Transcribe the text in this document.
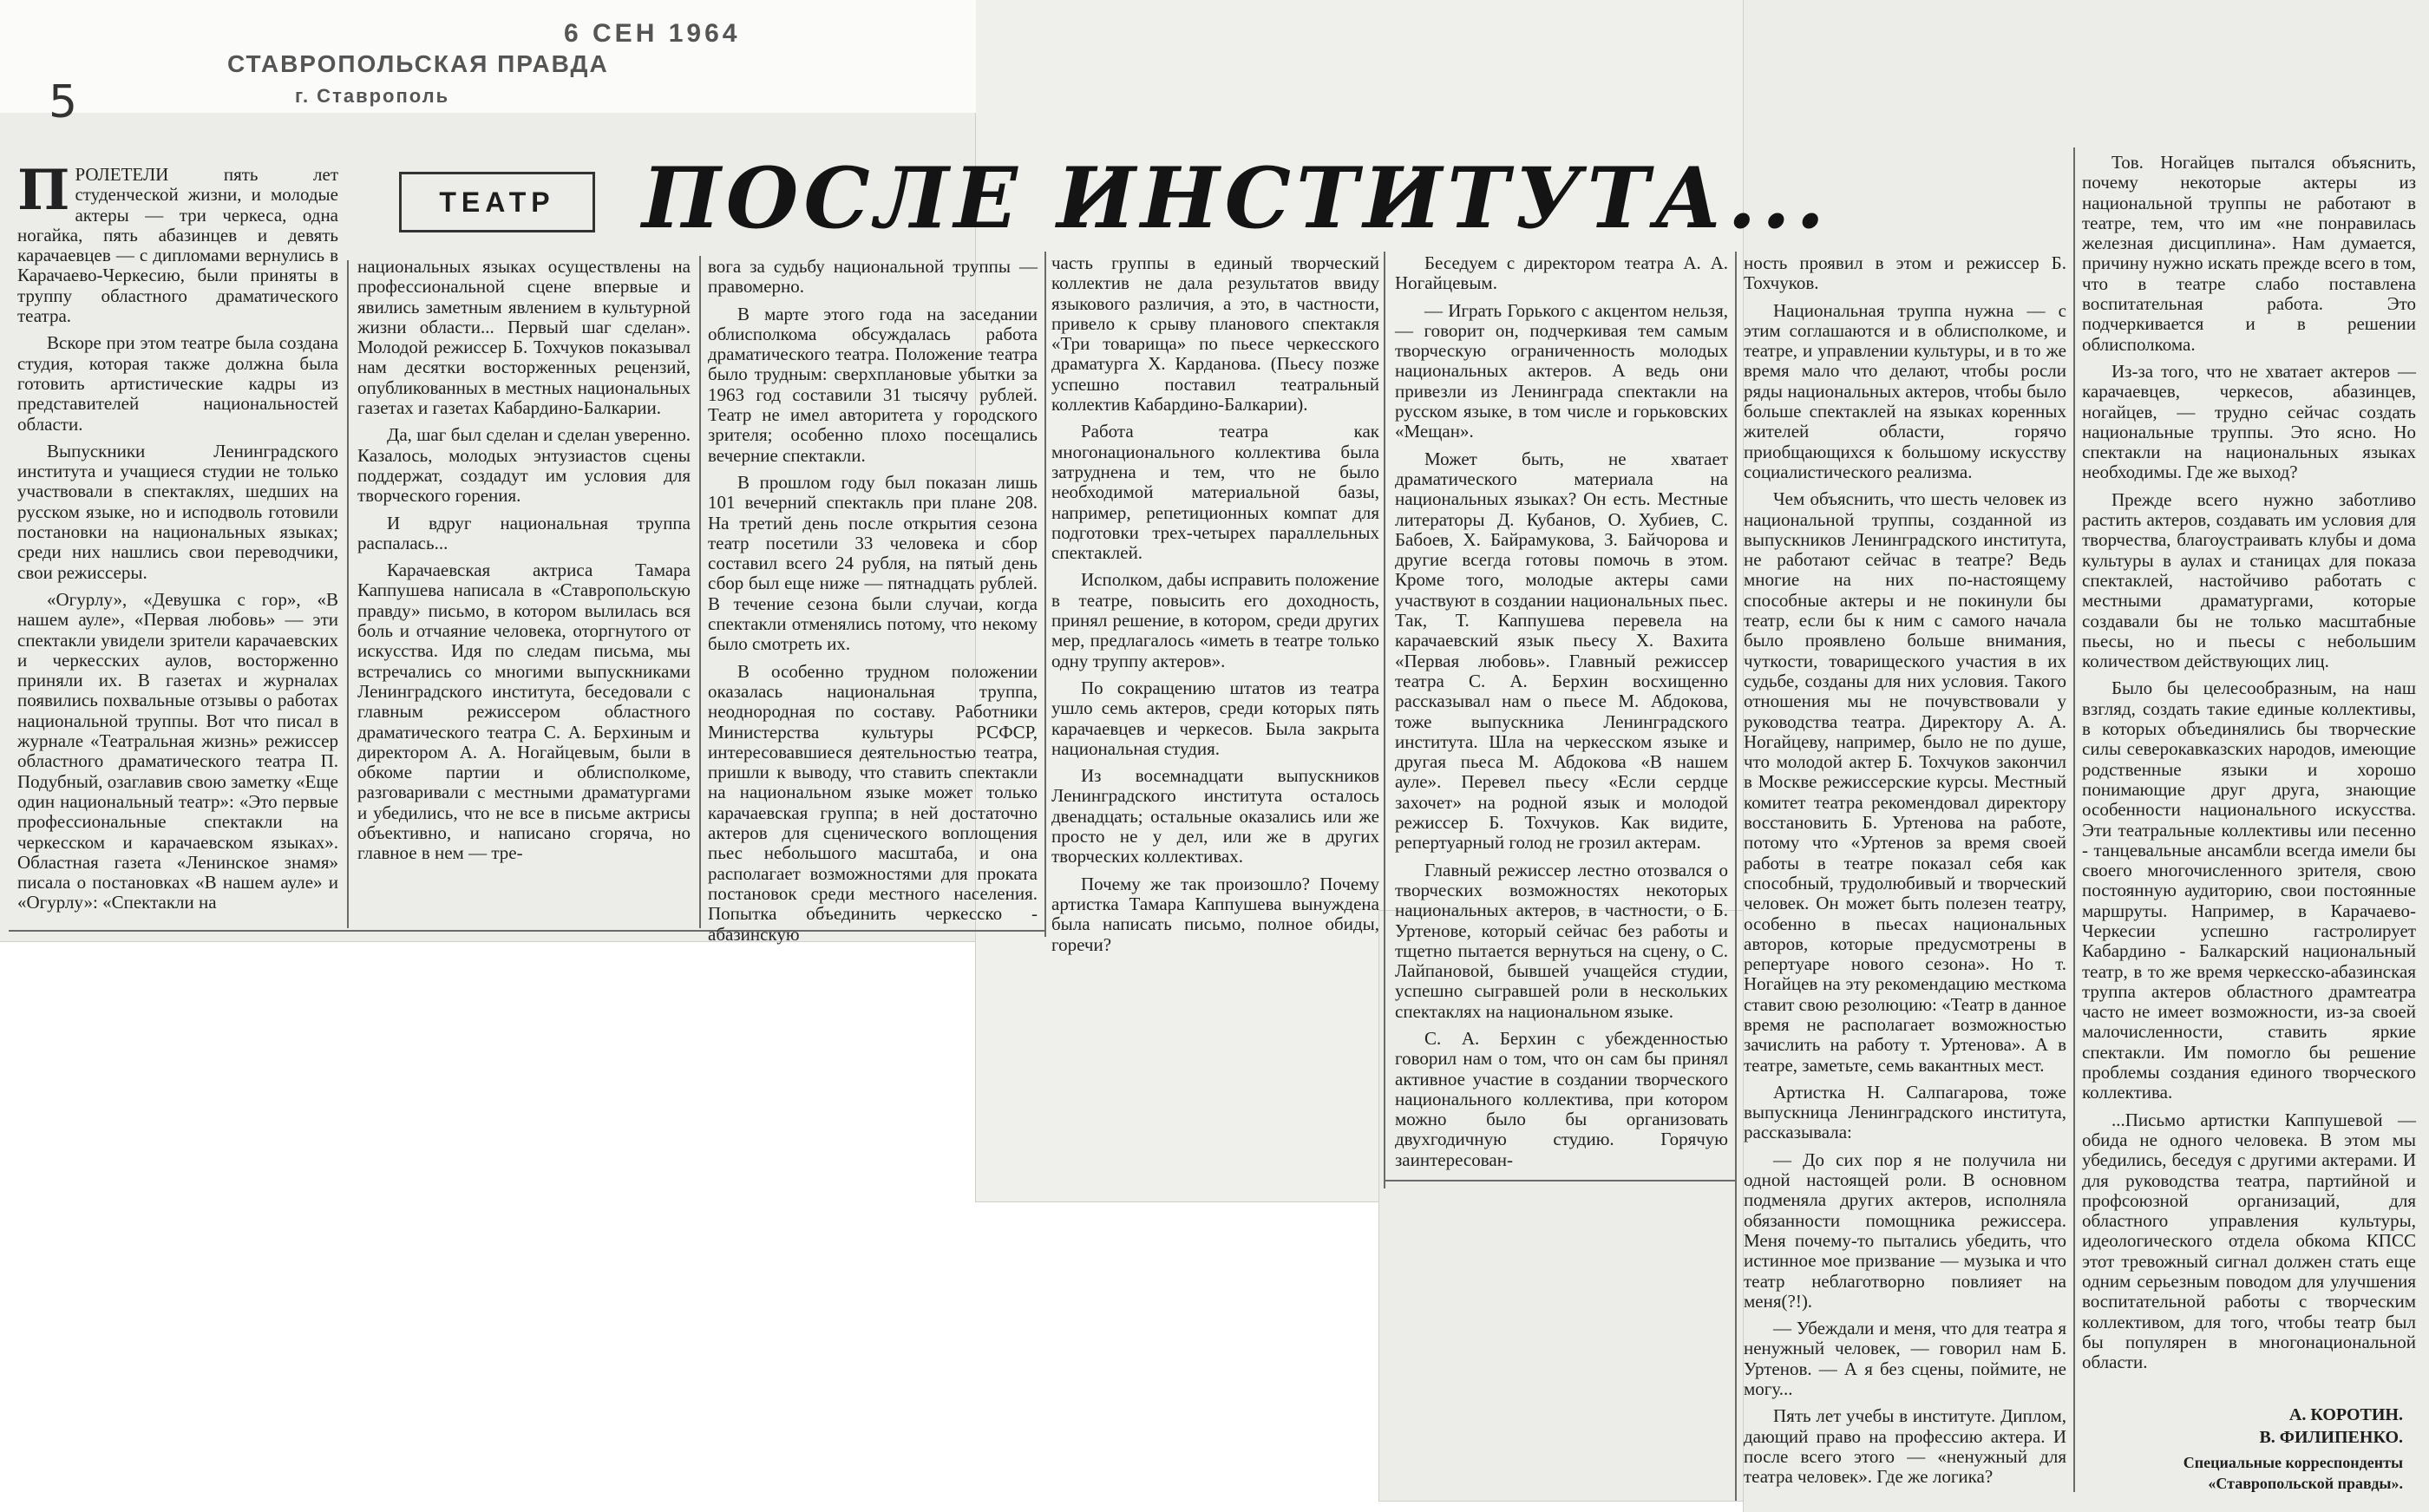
5
СТАВРОПОЛЬСКАЯ ПРАВДА
г. Ставрополь
6 СЕН 1964
ТЕАТР	ПОСЛЕ ИНСТИТУТА...

ПРОЛЕТЕЛИ пять лет студенческой жизни, и молодые актеры — три черкеса, одна ногайка, пять абазинцев и девять карачаевцев — с дипломами вернулись в Карачаево-Черкесию, были приняты в труппу областного драматического театра.

Вскоре при этом театре была создана студия, которая также должна была готовить артистические кадры из представителей национальностей области.

Выпускники Ленинградского института и учащиеся студии не только участвовали в спектаклях, шедших на русском языке, но и исподволь готовили постановки на национальных языках; среди них нашлись свои переводчики, свои режиссеры.

«Огурлу», «Девушка с гор», «В нашем ауле», «Первая любовь» — эти спектакли увидели зрители карачаевских и черкесских аулов, восторженно приняли их. В газетах и журналах появились похвальные отзывы о работах национальной труппы. Вот что писал в журнале «Театральная жизнь» режиссер областного драматического театра П. Подубный, озаглавив свою заметку «Еще один национальный театр»: «Это первые профессиональные спектакли на черкесском и карачаевском языках». Областная газета «Ленинское знамя» писала о постановках «В нашем ауле» и «Огурлу»: «Спектакли на

национальных языках осуществлены на профессиональной сцене впервые и явились заметным явлением в культурной жизни области... Первый шаг сделан». Молодой режиссер Б. Тохчуков показывал нам десятки восторженных рецензий, опубликованных в местных национальных газетах и газетах Кабардино-Балкарии.

Да, шаг был сделан и сделан уверенно. Казалось, молодых энтузиастов сцены поддержат, создадут им условия для творческого горения.

И вдруг национальная труппа распалась...

Карачаевская актриса Тамара Каппушева написала в «Ставропольскую правду» письмо, в котором вылилась вся боль и отчаяние человека, оторгнутого от искусства. Идя по следам письма, мы встречались со многими выпускниками Ленинградского института, беседовали с главным режиссером областного драматического театра С. А. Берхиным и директором А. А. Ногайцевым, были в обкоме партии и облисполкоме, разговаривали с местными драматургами и убедились, что не все в письме актрисы объективно, и написано сгоряча, но главное в нем — тре-

вога за судьбу национальной труппы — правомерно.

В марте этого года на заседании облисполкома обсуждалась работа драматического театра. Положение театра было трудным: сверхплановые убытки за 1963 год составили 31 тысячу рублей. Театр не имел авторитета у городского зрителя; особенно плохо посещались вечерние спектакли.

В прошлом году был показан лишь 101 вечерний спектакль при плане 208. На третий день после открытия сезона театр посетили 33 человека и сбор составил всего 24 рубля, на пятый день сбор был еще ниже — пятнадцать рублей. В течение сезона были случаи, когда спектакли отменялись потому, что некому было смотреть их.

В особенно трудном положении оказалась национальная труппа, неоднородная по составу. Работники Министерства культуры РСФСР, интересовавшиеся деятельностью театра, пришли к выводу, что ставить спектакли на национальном языке может только карачаевская группа; в ней достаточно актеров для сценического воплощения пьес небольшого масштаба, и она располагает возможностями для проката постановок среди местного населения. Попытка объединить черкесско - абазинскую

часть группы в единый творческий коллектив не дала результатов ввиду языкового различия, а это, в частности, привело к срыву планового спектакля «Три товарища» по пьесе черкесского драматурга Х. Карданова. (Пьесу позже успешно поставил театральный коллектив Кабардино-Балкарии).

Работа театра как многонационального коллектива была затруднена и тем, что не было необходимой материальной базы, например, репетиционных компат для подготовки трех-четырех параллельных спектаклей.

Исполком, дабы исправить положение в театре, повысить его доходность, принял решение, в котором, среди других мер, предлагалось «иметь в театре только одну труппу актеров».

По сокращению штатов из театра ушло семь актеров, среди которых пять карачаевцев и черкесов. Была закрыта национальная студия.

Из восемнадцати выпускников Ленинградского института осталось двенадцать; остальные оказались или же просто не у дел, или же в других творческих коллективах.

Почему же так произошло? Почему артистка Тамара Каппушева вынуждена была написать письмо, полное обиды, горечи?

Беседуем с директором театра А. А. Ногайцевым.

— Играть Горького с акцентом нельзя, — говорит он, подчеркивая тем самым творческую ограниченность молодых национальных актеров. А ведь они привезли из Ленинграда спектакли на русском языке, в том числе и горьковских «Мещан».

Может быть, не хватает драматического материала на национальных языках? Он есть. Местные литераторы Д. Кубанов, О. Хубиев, С. Бабоев, Х. Байрамукова, З. Байчорова и другие всегда готовы помочь в этом. Кроме того, молодые актеры сами участвуют в создании национальных пьес. Так, Т. Каппушева перевела на карачаевский язык пьесу Х. Вахита «Первая любовь». Главный режиссер театра С. А. Берхин восхищенно рассказывал нам о пьесе М. Абдокова, тоже выпускника Ленинградского института. Шла на черкесском языке и другая пьеса М. Абдокова «В нашем ауле». Перевел пьесу «Если сердце захочет» на родной язык и молодой режиссер Б. Тохчуков. Как видите, репертуарный голод не грозил актерам.

Главный режиссер лестно отозвался о творческих возможностях некоторых национальных актеров, в частности, о Б. Уртенове, который сейчас без работы и тщетно пытается вернуться на сцену, о С. Лайпановой, бывшей учащейся студии, успешно сыгравшей роли в нескольких спектаклях на национальном языке.

С. А. Берхин с убежденностью говорил нам о том, что он сам бы принял активное участие в создании творческого национального коллектива, при котором можно было бы организовать двухгодичную студию. Горячую заинтересован-

ность проявил в этом и режиссер Б. Тохчуков.

Национальная труппа нужна — с этим соглашаются и в облисполкоме, и театре, и управлении культуры, и в то же время мало что делают, чтобы росли ряды национальных актеров, чтобы было больше спектаклей на языках коренных жителей области, горячо приобщающихся к большому искусству социалистического реализма.

Чем объяснить, что шесть человек из национальной труппы, созданной из выпускников Ленинградского института, не работают сейчас в театре? Ведь многие на них по-настоящему способные актеры и не покинули бы театр, если бы к ним с самого начала было проявлено больше внимания, чуткости, товарищеского участия в их судьбе, созданы для них условия. Такого отношения мы не почувствовали у руководства театра. Директору А. А. Ногайцеву, например, было не по душе, что молодой актер Б. Тохчуков закончил в Москве режиссерские курсы. Местный комитет театра рекомендовал директору восстановить Б. Уртенова на работе, потому что «Уртенов за время своей работы в театре показал себя как способный, трудолюбивый и творческий человек. Он может быть полезен театру, особенно в пьесах национальных авторов, которые предусмотрены в репертуаре нового сезона». Но т. Ногайцев на эту рекомендацию месткома ставит свою резолюцию: «Театр в данное время не располагает возможностью зачислить на работу т. Уртенова». А в театре, заметьте, семь вакантных мест.

Артистка Н. Салпагарова, тоже выпускница Ленинградского института, рассказывала:

— До сих пор я не получила ни одной настоящей роли. В основном подменяла других актеров, исполняла обязанности помощника режиссера. Меня почему-то пытались убедить, что истинное мое призвание — музыка и что театр неблаготворно повлияет на меня(?!).

— Убеждали и меня, что для театра я ненужный человек, — говорил нам Б. Уртенов. — А я без сцены, поймите, не могу...

Пять лет учебы в институте. Диплом, дающий право на профессию актера. И после всего этого — «ненужный для театра человек». Где же логика?

Тов. Ногайцев пытался объяснить, почему некоторые актеры из национальной труппы не работают в театре, тем, что им «не понравилась железная дисциплина». Нам думается, причину нужно искать прежде всего в том, что в театре слабо поставлена воспитательная работа. Это подчеркивается и в решении облисполкома.

Из-за того, что не хватает актеров — карачаевцев, черкесов, абазинцев, ногайцев, — трудно сейчас создать национальные труппы. Это ясно. Но спектакли на национальных языках необходимы. Где же выход?

Прежде всего нужно заботливо растить актеров, создавать им условия для творчества, благоустраивать клубы и дома культуры в аулах и станицах для показа спектаклей, настойчиво работать с местными драматургами, которые создавали бы не только масштабные пьесы, но и пьесы с небольшим количеством действующих лиц.

Было бы целесообразным, на наш взгляд, создать такие единые коллективы, в которых объединялись бы творческие силы северокавказских народов, имеющие родственные языки и хорошо понимающие друг друга, знающие особенности национального искусства. Эти театральные коллективы или песенно - танцевальные ансамбли всегда имели бы своего многочисленного зрителя, свою постоянную аудиторию, свои постоянные маршруты. Например, в Карачаево-Черкесии успешно гастролирует Кабардино - Балкарский национальный театр, в то же время черкесско-абазинская труппа актеров областного драмтеатра часто не имеет возможности, из-за своей малочисленности, ставить яркие спектакли. Им помогло бы решение проблемы создания единого творческого коллектива.

...Письмо артистки Каппушевой — обида не одного человека. В этом мы убедились, беседуя с другими актерами. И для руководства театра, партийной и профсоюзной организаций, для областного управления культуры, идеологического отдела обкома КПСС этот тревожный сигнал должен стать еще одним серьезным поводом для улучшения воспитательной работы с творческим коллективом, для того, чтобы театр был бы популярен в многонациональной области.

А. КОРОТИН.
В. ФИЛИПЕНКО.
Специальные корреспонденты
«Ставропольской правды».
